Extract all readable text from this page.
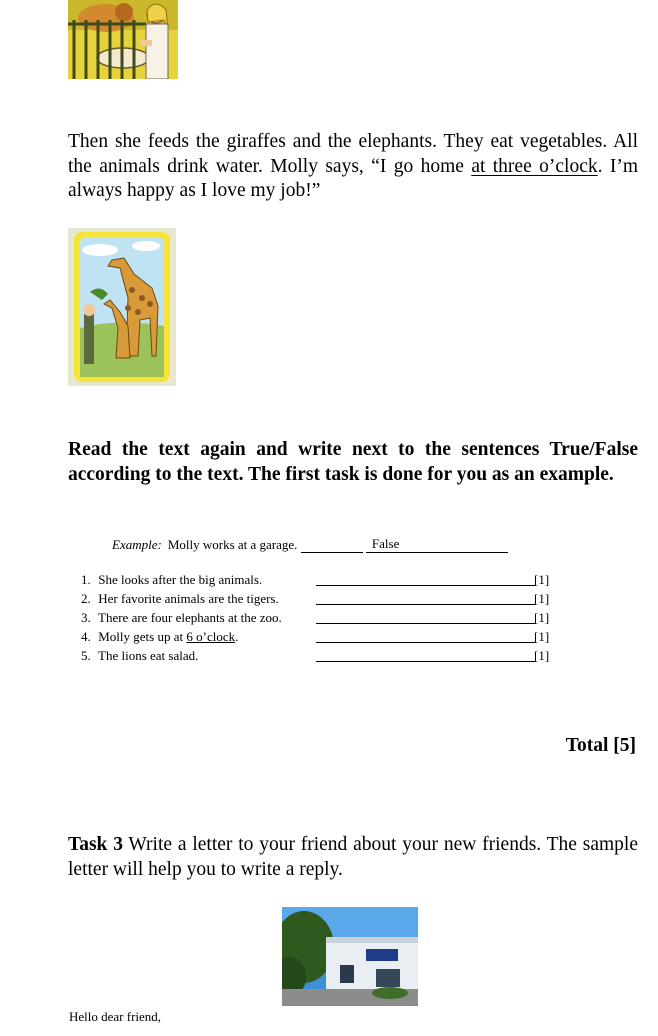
Then she feeds the giraffes and the elephants. They eat vegetables. All the animals drink water. Molly says, “I go home at three o’clock. I’m always happy as I love my job!”
Read the text again and write next to the sentences True/False according to the text. The first task is done for you as an example.
Example: Molly works at a garage.	False
1. She looks after the big animals.	[1]
2. Her favorite animals are the tigers.	[1]
3. There are four elephants at the zoo.	[1]
4. Molly gets up at 6 o’clock.	[1]
5. The lions eat salad.	[1]
Total [5]
Task 3 Write a letter to your friend about your new friends. The sample letter will help you to write a reply.
Hello dear friend,
